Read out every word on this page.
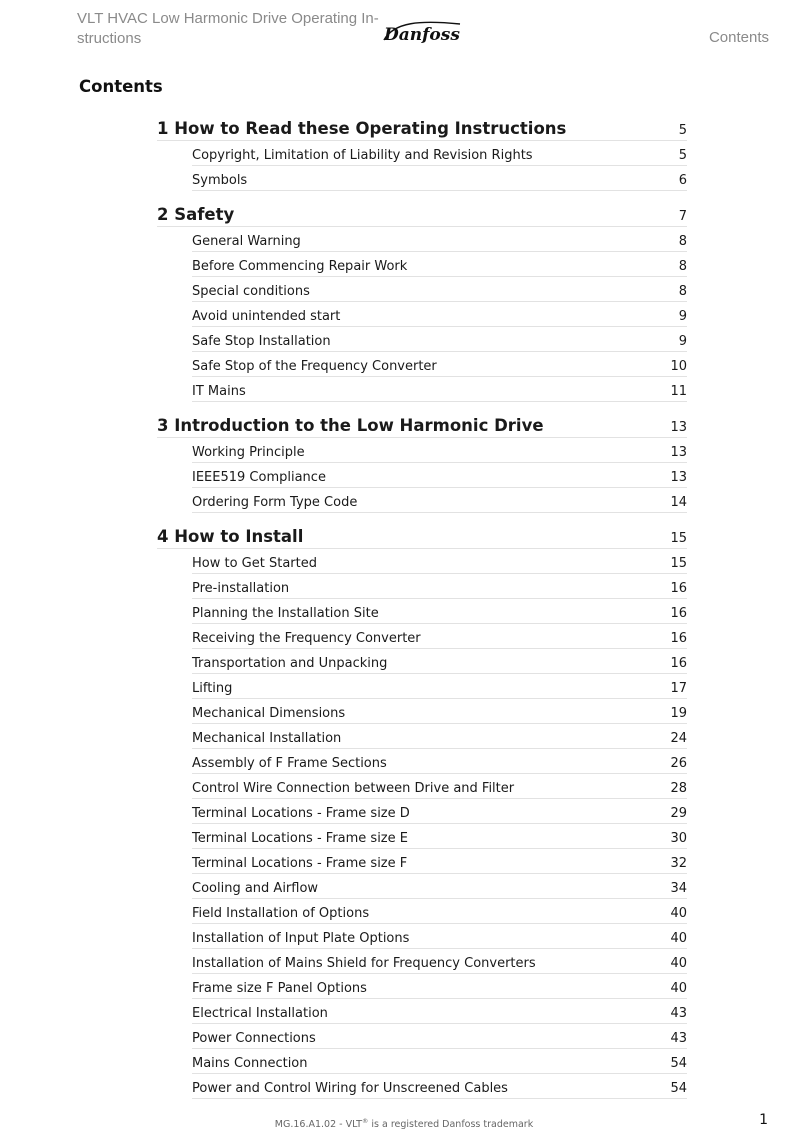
VLT HVAC Low Harmonic Drive Operating In-structions	Danfoss	Contents
Contents
1 How to Read these Operating Instructions	5
Copyright, Limitation of Liability and Revision Rights	5
Symbols	6
2 Safety	7
General Warning	8
Before Commencing Repair Work	8
Special conditions	8
Avoid unintended start	9
Safe Stop Installation	9
Safe Stop of the Frequency Converter	10
IT Mains	11
3 Introduction to the Low Harmonic Drive	13
Working Principle	13
IEEE519 Compliance	13
Ordering Form Type Code	14
4 How to Install	15
How to Get Started	15
Pre-installation	16
Planning the Installation Site	16
Receiving the Frequency Converter	16
Transportation and Unpacking	16
Lifting	17
Mechanical Dimensions	19
Mechanical Installation	24
Assembly of F Frame Sections	26
Control Wire Connection between Drive and Filter	28
Terminal Locations - Frame size D	29
Terminal Locations - Frame size E	30
Terminal Locations - Frame size F	32
Cooling and Airflow	34
Field Installation of Options	40
Installation of Input Plate Options	40
Installation of Mains Shield for Frequency Converters	40
Frame size F Panel Options	40
Electrical Installation	43
Power Connections	43
Mains Connection	54
Power and Control Wiring for Unscreened Cables	54
MG.16.A1.02 - VLT® is a registered Danfoss trademark	1
